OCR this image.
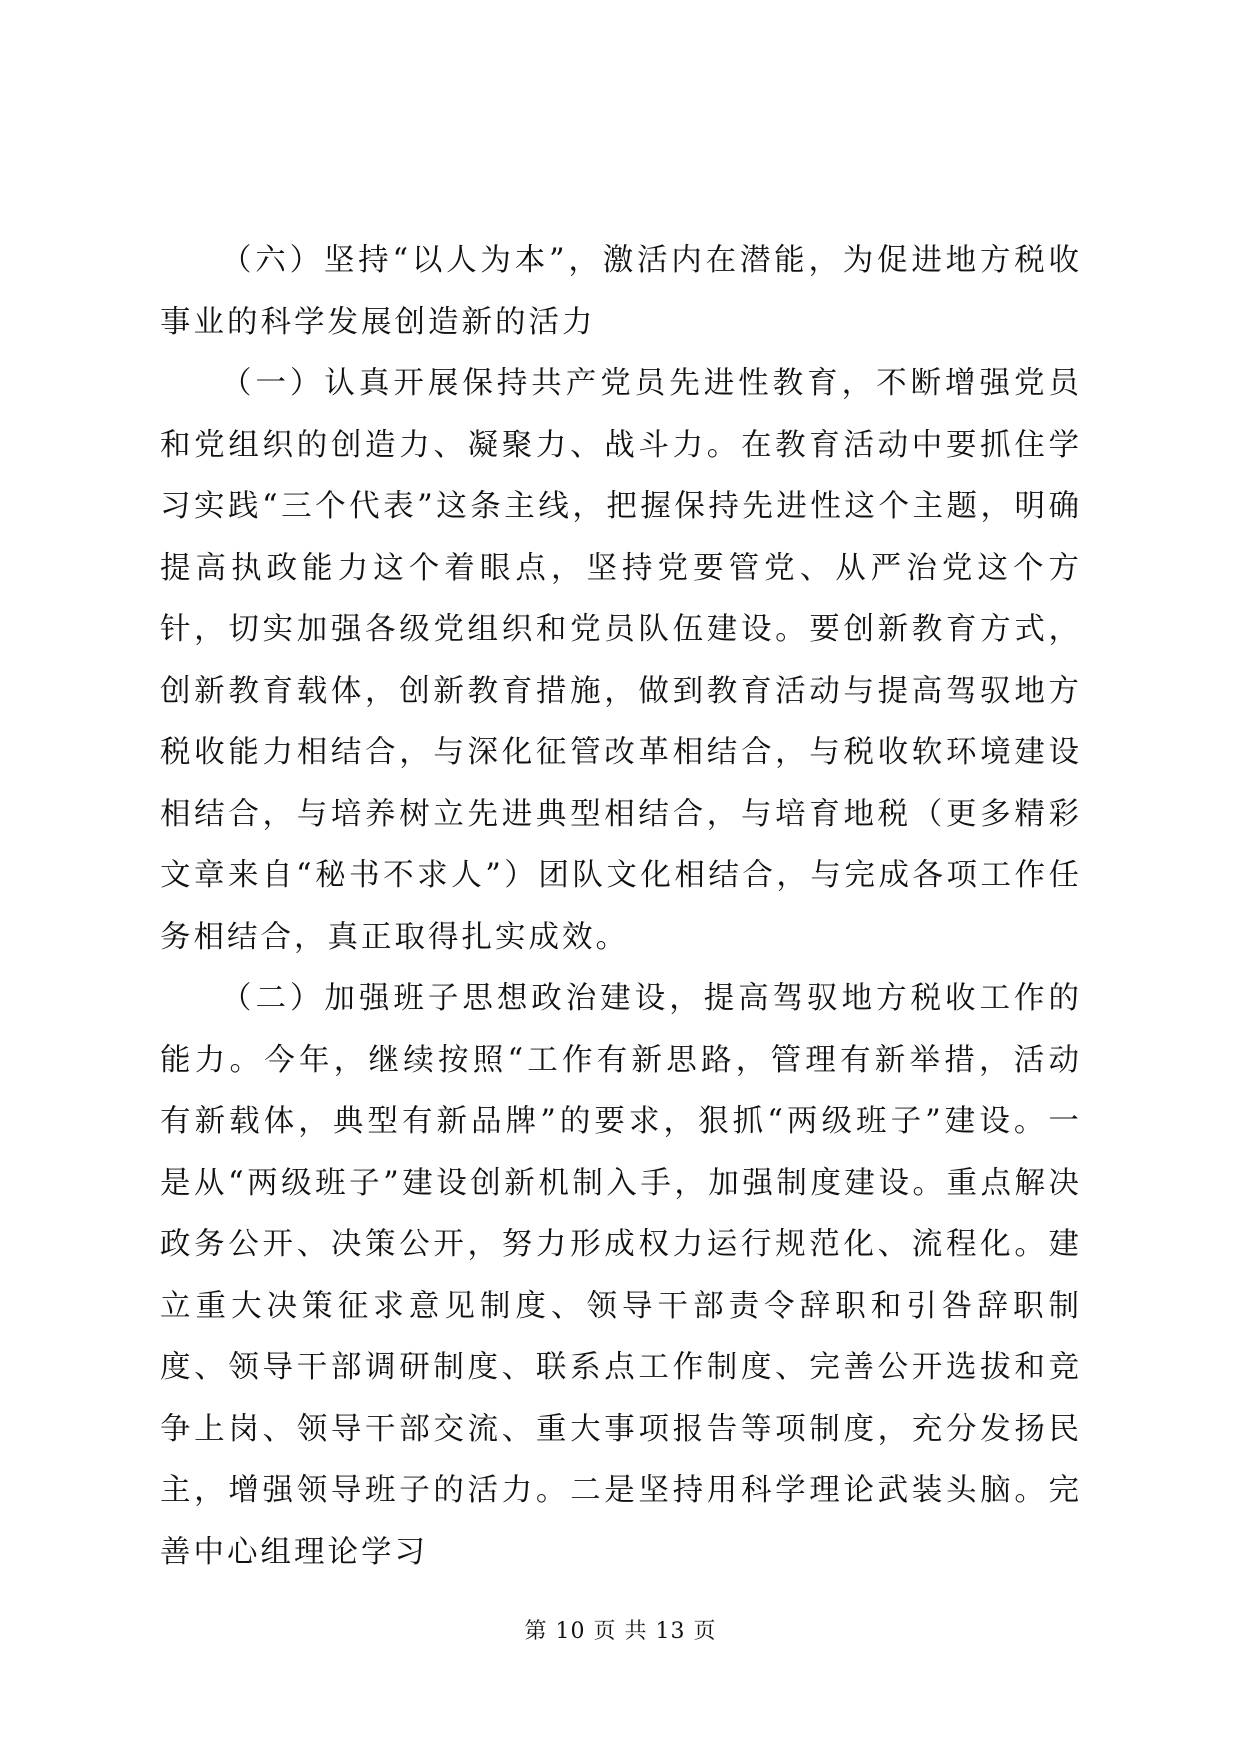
（六）坚持“以人为本”，激活内在潜能，为促进地方税收事业的科学发展创造新的活力

（一）认真开展保持共产党员先进性教育，不断增强党员和党组织的创造力、凝聚力、战斗力。在教育活动中要抓住学习实践“三个代表”这条主线，把握保持先进性这个主题，明确提高执政能力这个着眼点，坚持党要管党、从严治党这个方针，切实加强各级党组织和党员队伍建设。要创新教育方式，创新教育载体，创新教育措施，做到教育活动与提高驾驭地方税收能力相结合，与深化征管改革相结合，与税收软环境建设相结合，与培养树立先进典型相结合，与培育地税（更多精彩文章来自“秘书不求人”）团队文化相结合，与完成各项工作任务相结合，真正取得扎实成效。

（二）加强班子思想政治建设，提高驾驭地方税收工作的能力。今年，继续按照“工作有新思路，管理有新举措，活动有新载体，典型有新品牌”的要求，狠抓“两级班子”建设。一是从“两级班子”建设创新机制入手，加强制度建设。重点解决政务公开、决策公开，努力形成权力运行规范化、流程化。建立重大决策征求意见制度、领导干部责令辞职和引咎辞职制度、领导干部调研制度、联系点工作制度、完善公开选拔和竞争上岗、领导干部交流、重大事项报告等项制度，充分发扬民主，增强领导班子的活力。二是坚持用科学理论武装头脑。完善中心组理论学习

第 10 页 共 13 页
